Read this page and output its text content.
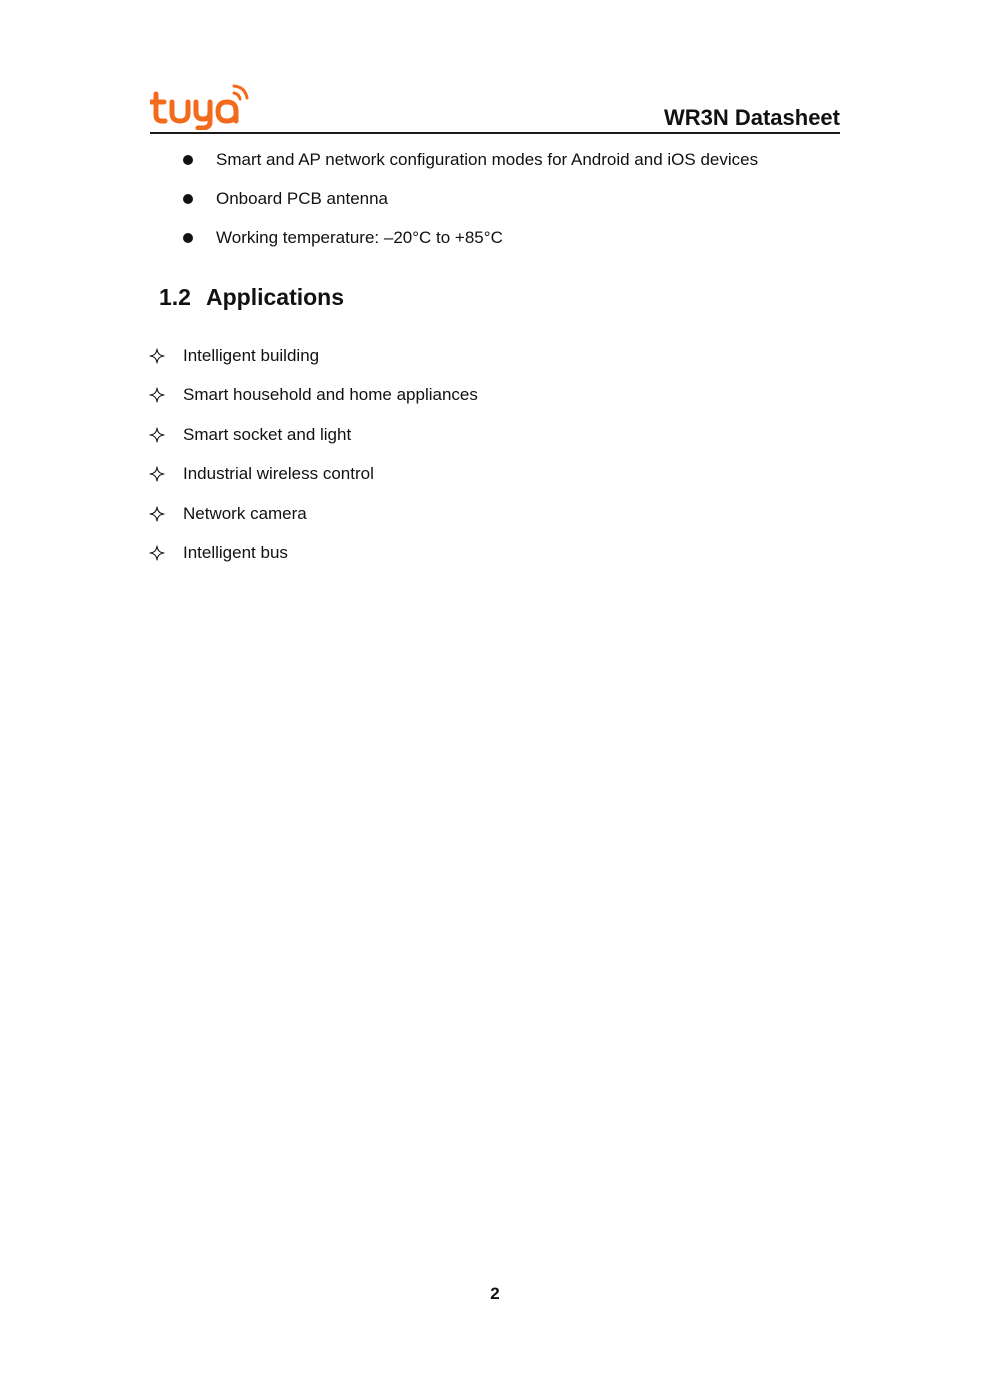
WR3N Datasheet
Smart and AP network configuration modes for Android and iOS devices
Onboard PCB antenna
Working temperature: –20°C to +85°C
1.2 Applications
Intelligent building
Smart household and home appliances
Smart socket and light
Industrial wireless control
Network camera
Intelligent bus
2
